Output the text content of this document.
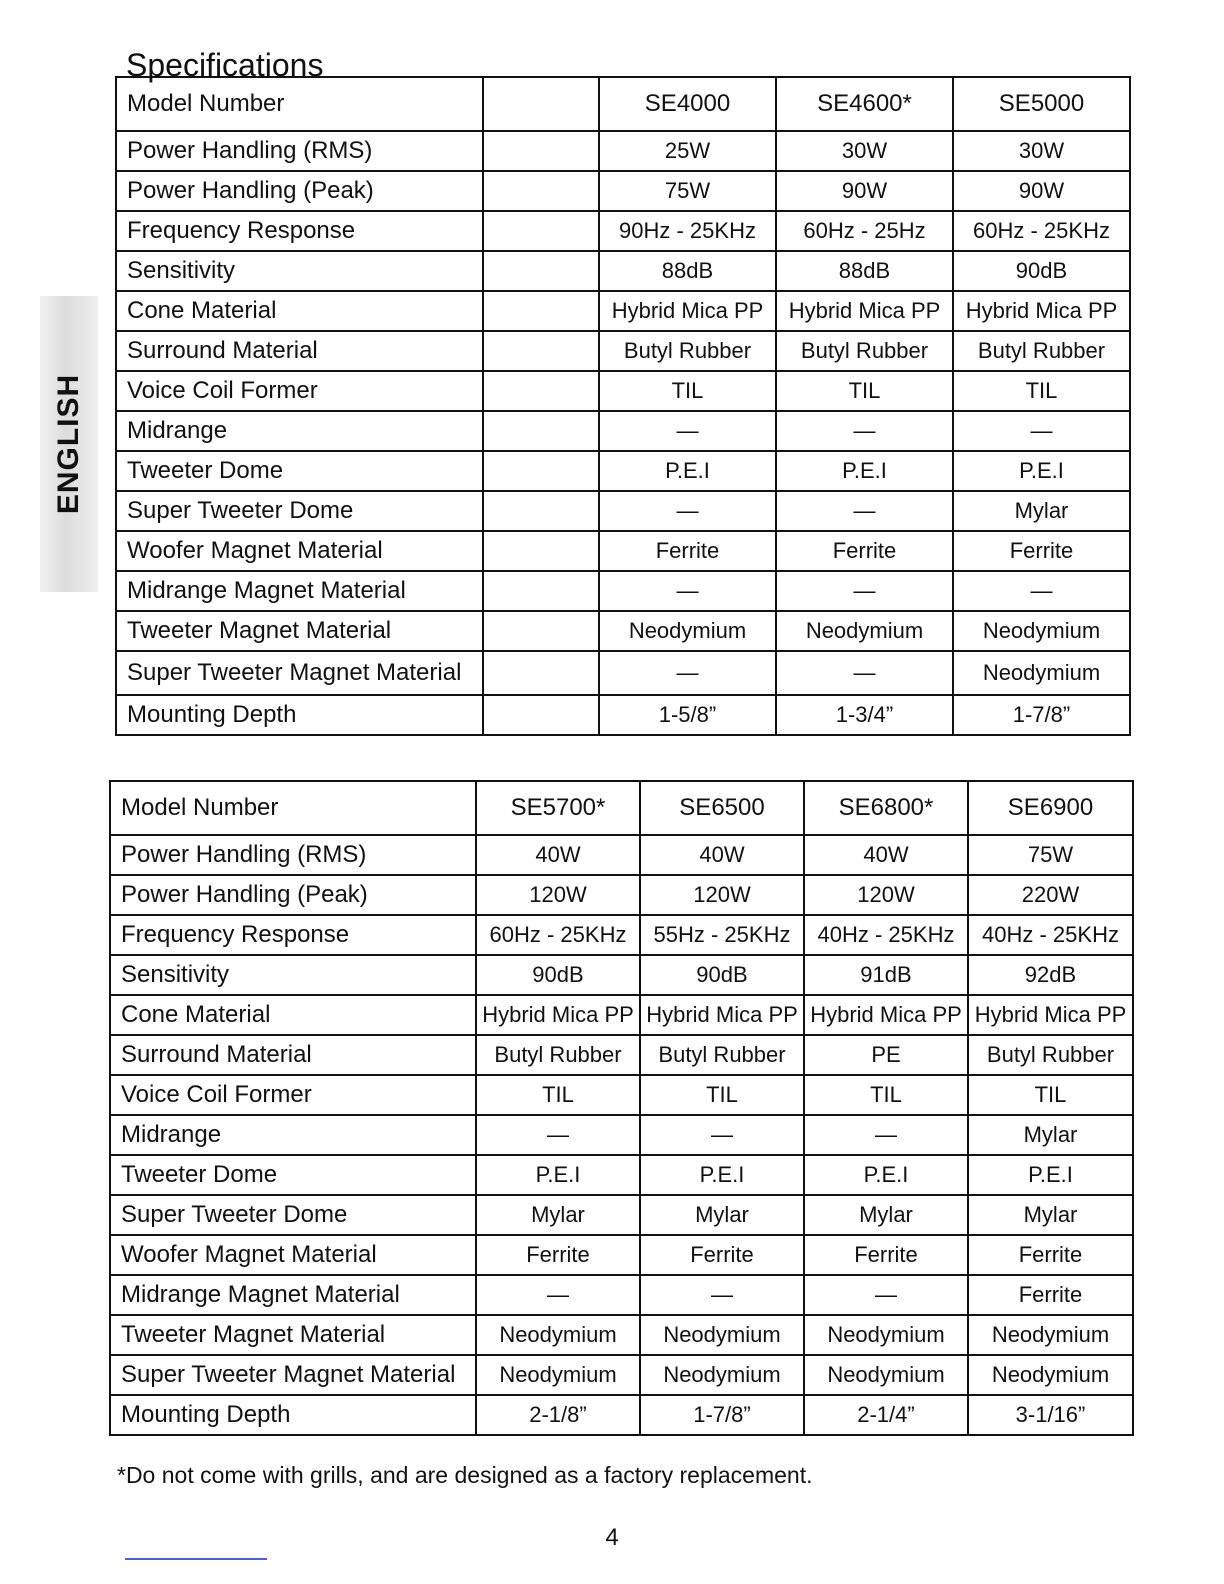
Specifications
ENGLISH
Model Number		SE4000	SE4600*	SE5000
Power Handling (RMS)		25W	30W	30W
Power Handling (Peak)		75W	90W	90W
Frequency Response		90Hz - 25KHz	60Hz - 25Hz	60Hz - 25KHz
Sensitivity		88dB	88dB	90dB
Cone Material		Hybrid Mica PP	Hybrid Mica PP	Hybrid Mica PP
Surround Material		Butyl Rubber	Butyl Rubber	Butyl Rubber
Voice Coil Former		TIL	TIL	TIL
Midrange		—	—	—
Tweeter Dome		P.E.I	P.E.I	P.E.I
Super Tweeter Dome		—	—	Mylar
Woofer Magnet Material		Ferrite	Ferrite	Ferrite
Midrange Magnet Material		—	—	—
Tweeter Magnet Material		Neodymium	Neodymium	Neodymium
Super Tweeter Magnet Material		—	—	Neodymium
Mounting Depth		1-5/8”	1-3/4”	1-7/8”
Model Number	SE5700*	SE6500	SE6800*	SE6900
Power Handling (RMS)	40W	40W	40W	75W
Power Handling (Peak)	120W	120W	120W	220W
Frequency Response	60Hz - 25KHz	55Hz - 25KHz	40Hz - 25KHz	40Hz - 25KHz
Sensitivity	90dB	90dB	91dB	92dB
Cone Material	Hybrid Mica PP	Hybrid Mica PP	Hybrid Mica PP	Hybrid Mica PP
Surround Material	Butyl Rubber	Butyl Rubber	PE	Butyl Rubber
Voice Coil Former	TIL	TIL	TIL	TIL
Midrange	—	—	—	Mylar
Tweeter Dome	P.E.I	P.E.I	P.E.I	P.E.I
Super Tweeter Dome	Mylar	Mylar	Mylar	Mylar
Woofer Magnet Material	Ferrite	Ferrite	Ferrite	Ferrite
Midrange Magnet Material	—	—	—	Ferrite
Tweeter Magnet Material	Neodymium	Neodymium	Neodymium	Neodymium
Super Tweeter Magnet Material	Neodymium	Neodymium	Neodymium	Neodymium
Mounting Depth	2-1/8”	1-7/8”	2-1/4”	3-1/16”
*Do not come with grills, and are designed as a factory replacement.
4
